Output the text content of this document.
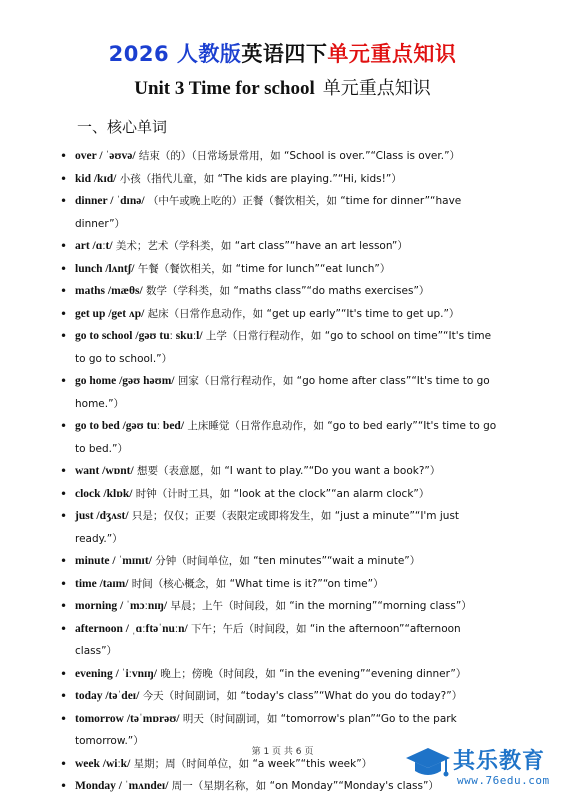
2026 人教版英语四下单元重点知识
Unit 3 Time for school 单元重点知识
一、核心单词
• over / ˈəʊvə/ 结束（的）（日常场景常用，如 “School is over.”“Class is over.”）
• kid /kɪd/ 小孩（指代儿童，如 “The kids are playing.”“Hi, kids!”）
• dinner / ˈdɪnə/ （中午或晚上吃的）正餐（餐饮相关，如 “time for dinner”“have dinner”）
• art /ɑːt/ 美术；艺术（学科类，如 “art class”“have an art lesson”）
• lunch /lʌntʃ/ 午餐（餐饮相关，如 “time for lunch”“eat lunch”）
• maths /mæθs/ 数学（学科类，如 “maths class”“do maths exercises”）
• get up /get ʌp/ 起床（日常作息动作，如 “get up early”“It's time to get up.”）
• go to school /gəʊ tuː skuːl/ 上学（日常行程动作，如 “go to school on time”“It's time to go to school.”）
• go home /gəʊ həʊm/ 回家（日常行程动作，如 “go home after class”“It's time to go home.”）
• go to bed /gəʊ tuː bed/ 上床睡觉（日常作息动作，如 “go to bed early”“It's time to go to bed.”）
• want /wɒnt/ 想要（表意愿，如 “I want to play.”“Do you want a book?”）
• clock /klɒk/ 时钟（计时工具，如 “look at the clock”“an alarm clock”）
• just /dʒʌst/ 只是；仅仅；正要（表限定或即将发生，如 “just a minute”“I'm just ready.”）
• minute / ˈmɪnɪt/ 分钟（时间单位，如 “ten minutes”“wait a minute”）
• time /taɪm/ 时间（核心概念，如 “What time is it?”“on time”）
• morning / ˈmɔːnɪŋ/ 早晨；上午（时间段，如 “in the morning”“morning class”）
• afternoon / ˌɑːftəˈnuːn/ 下午；午后（时间段，如 “in the afternoon”“afternoon class”）
• evening / ˈiːvnɪŋ/ 晚上；傍晚（时间段，如 “in the evening”“evening dinner”）
• today /təˈdeɪ/ 今天（时间副词，如 “today's class”“What do you do today?”）
• tomorrow /təˈmɒrəʊ/ 明天（时间副词，如 “tomorrow's plan”“Go to the park tomorrow.”）
• week /wiːk/ 星期；周（时间单位，如 “a week”“this week”）
• Monday / ˈmʌndeɪ/ 周一（星期名称，如 “on Monday”“Monday's class”）
第 1 页 共 6 页	其乐教育
www.76edu.com
